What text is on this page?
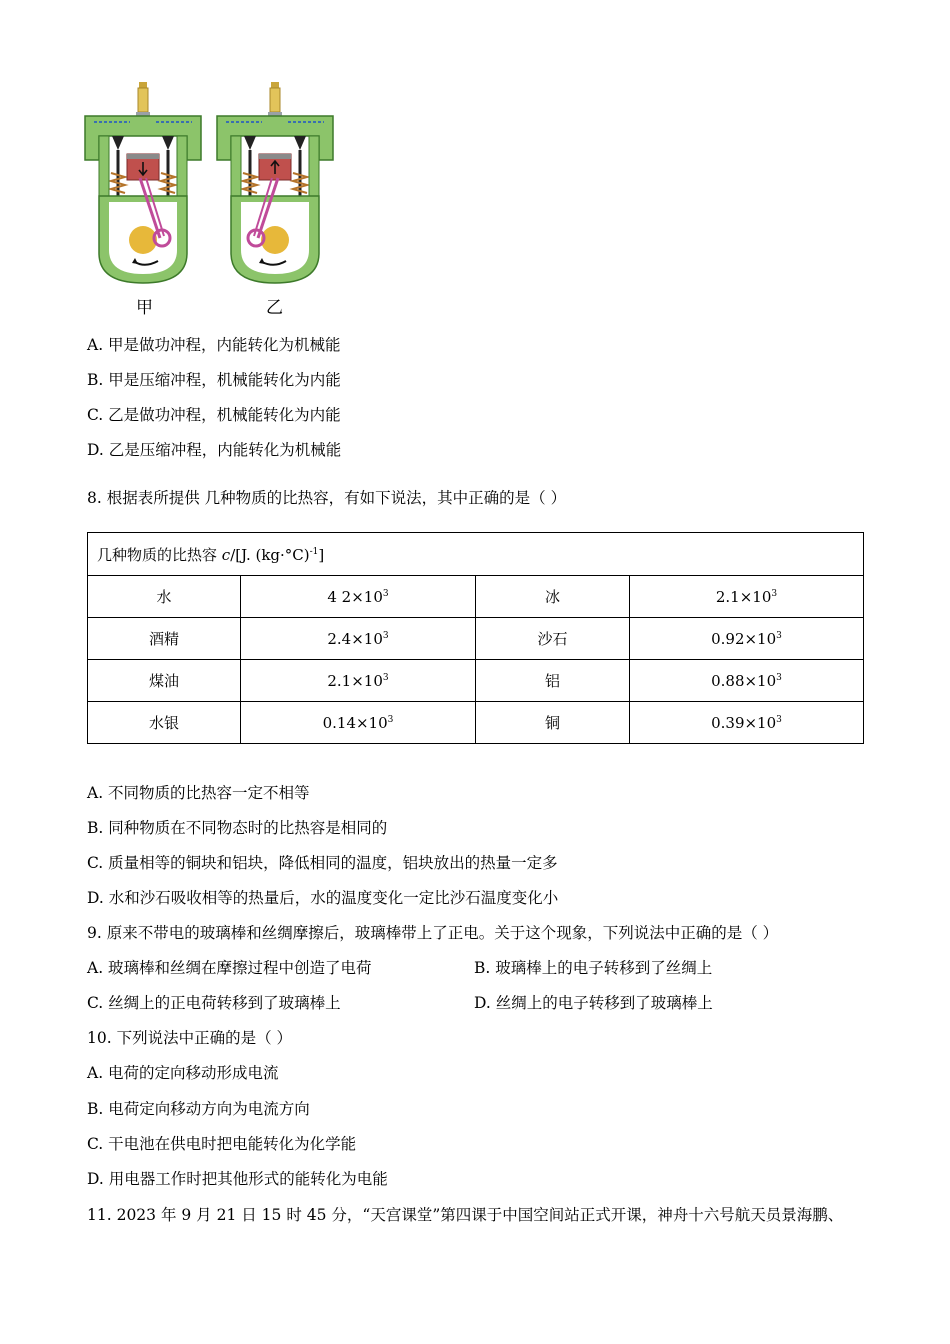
甲	乙
A. 甲是做功冲程，内能转化为机械能
B. 甲是压缩冲程，机械能转化为内能
C. 乙是做功冲程，机械能转化为内能
D. 乙是压缩冲程，内能转化为机械能
8. 根据表所提供 几种物质的比热容，有如下说法，其中正确的是（ ）
几种物质的比热容 c/[J. $(kg\cdot^\circ C)^{-1}$]			
水	4 $2\times 10^3$	冰	$2.1\times 10^3$
酒精	$2.4\times 10^3$	沙石	$0.92\times 10^3$
煤油	$2.1\times 10^3$	铝	$0.88\times 10^3$
水银	$0.14\times 10^3$	铜	$0.39\times 10^3$
A. 不同物质的比热容一定不相等
B. 同种物质在不同物态时的比热容是相同的
C. 质量相等的铜块和铝块，降低相同的温度，铝块放出的热量一定多
D. 水和沙石吸收相等的热量后，水的温度变化一定比沙石温度变化小
9. 原来不带电的玻璃棒和丝绸摩擦后，玻璃棒带上了正电。关于这个现象，下列说法中正确的是（ ）
A. 玻璃棒和丝绸在摩擦过程中创造了电荷	B. 玻璃棒上的电子转移到了丝绸上
C. 丝绸上的正电荷转移到了玻璃棒上	D. 丝绸上的电子转移到了玻璃棒上
10. 下列说法中正确的是（ ）
A. 电荷的定向移动形成电流
B. 电荷定向移动方向为电流方向
C. 干电池在供电时把电能转化为化学能
D. 用电器工作时把其他形式的能转化为电能
11. 2023 年 9 月 21 日 15 时 45 分，“天宫课堂”第四课于中国空间站正式开课，神舟十六号航天员景海鹏、
